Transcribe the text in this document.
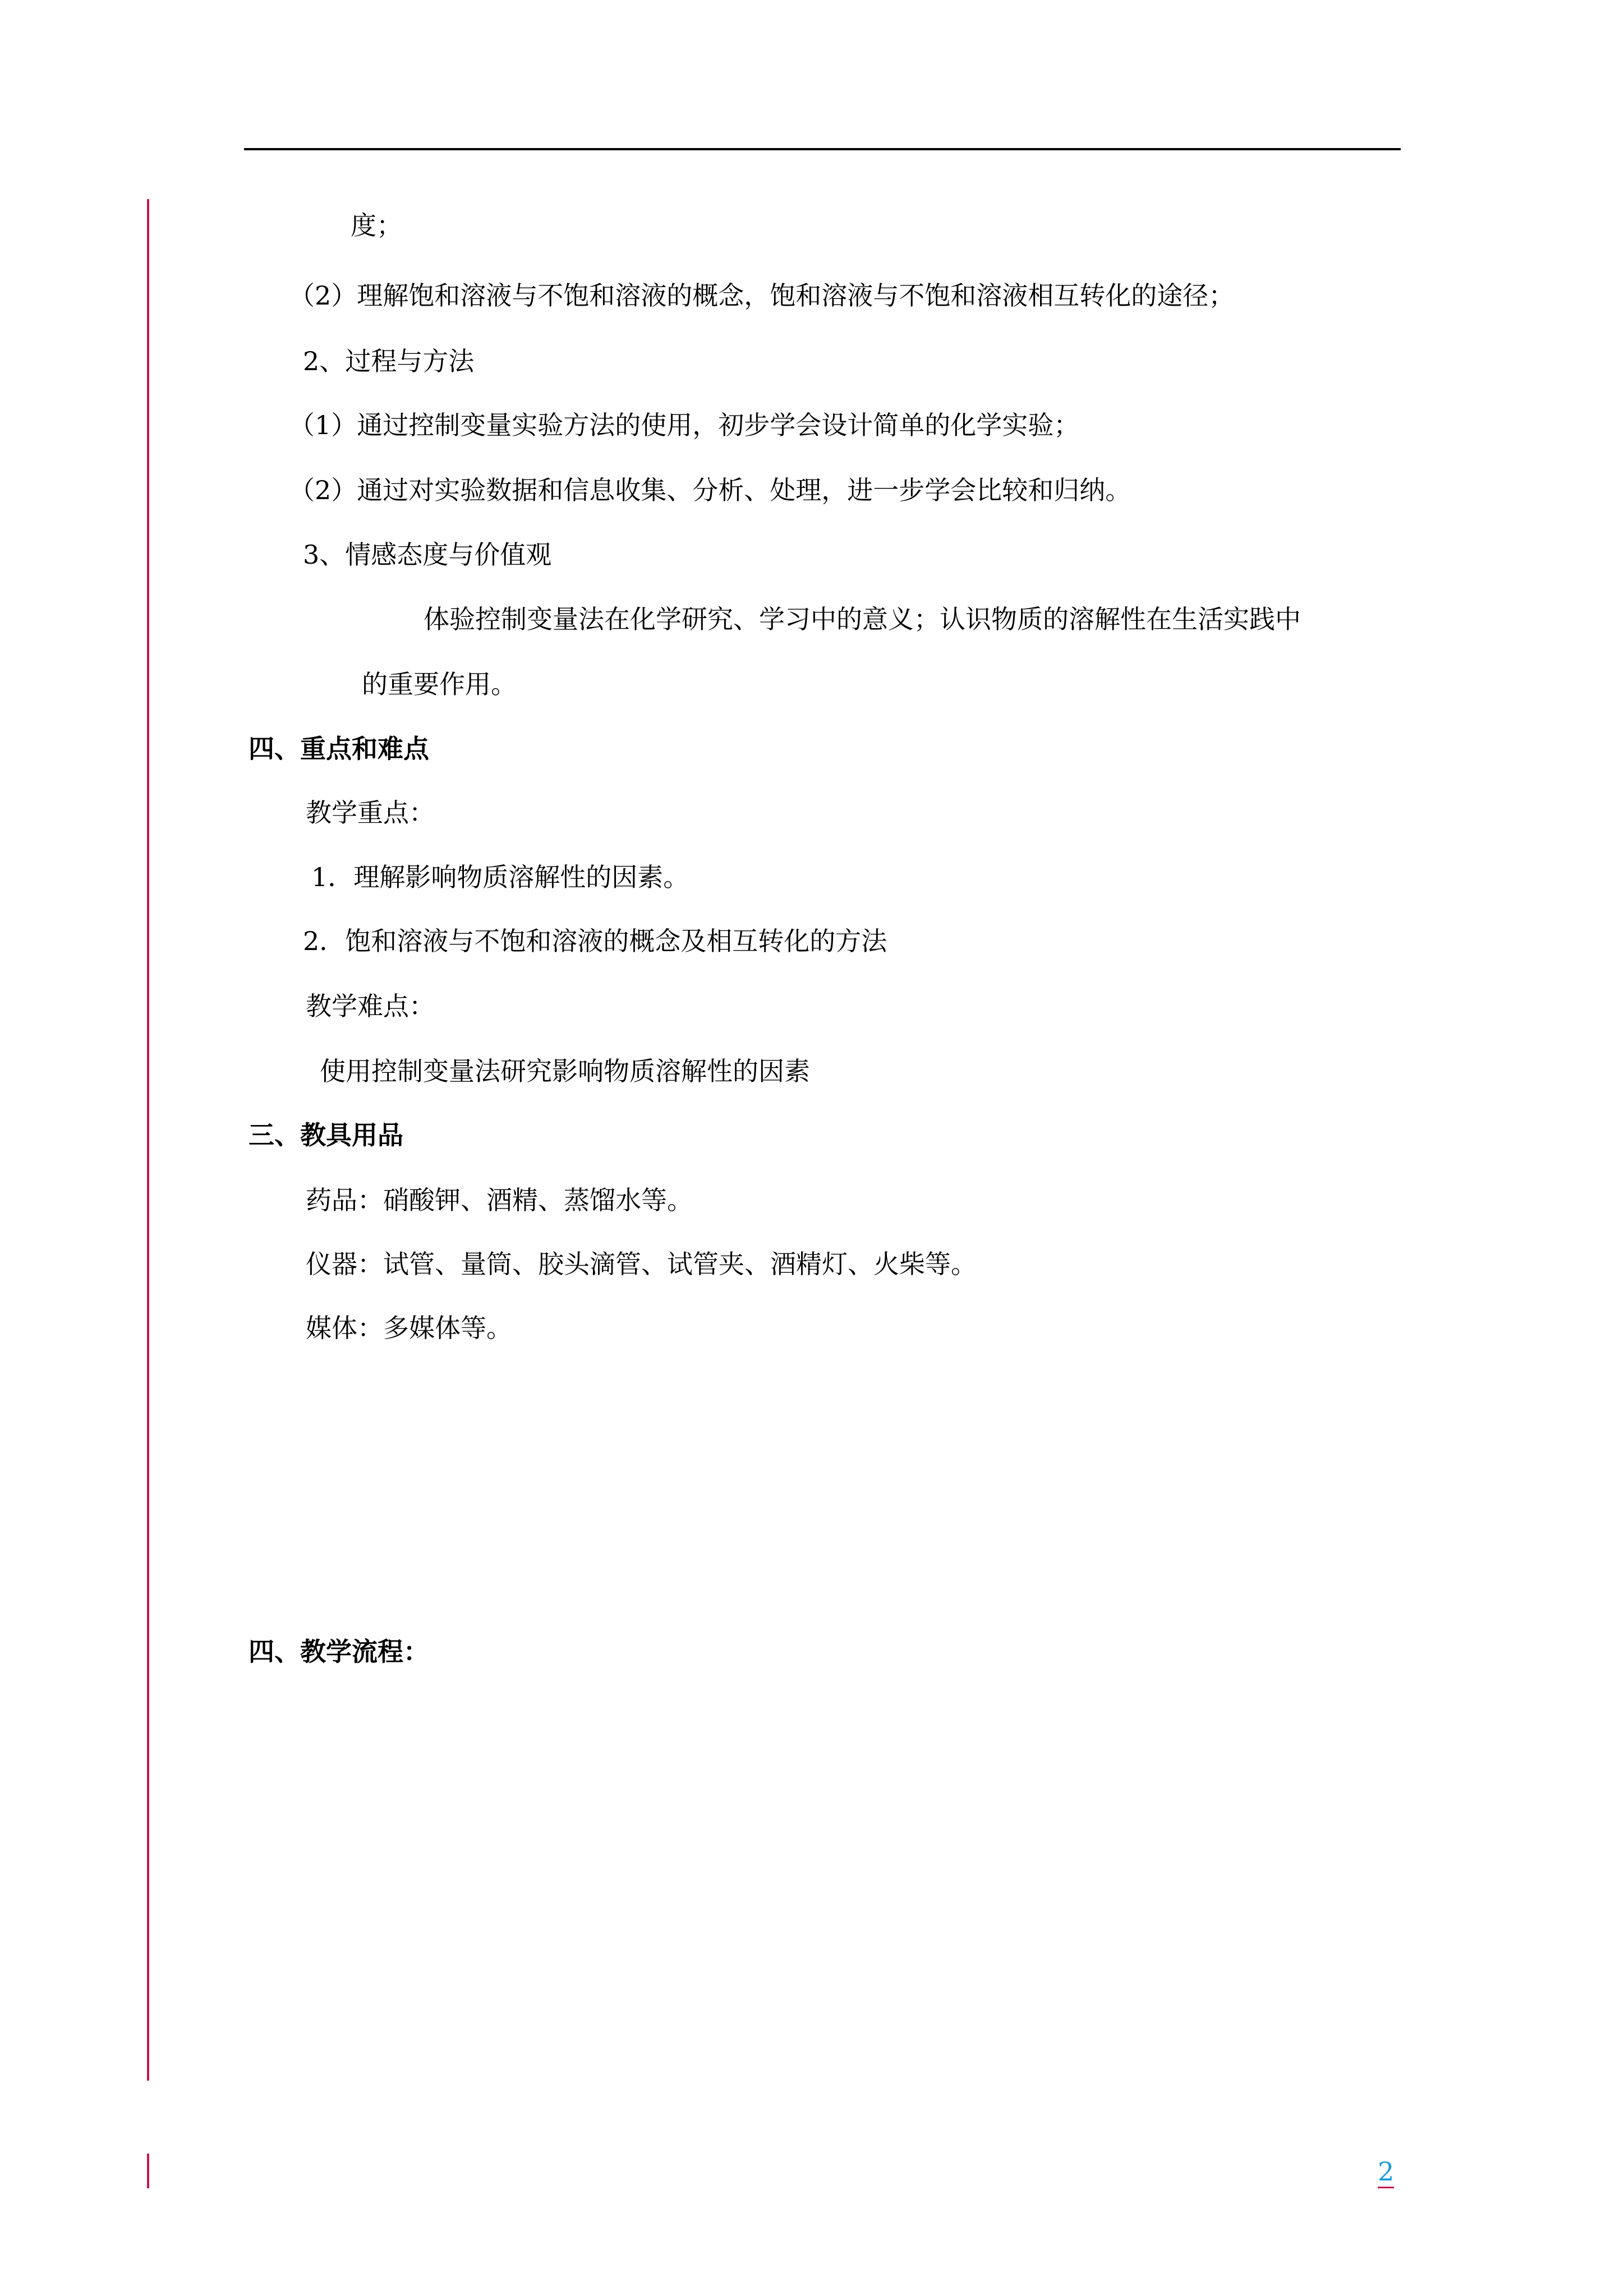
度；
（2）理解饱和溶液与不饱和溶液的概念，饱和溶液与不饱和溶液相互转化的途径；
2、过程与方法
（1）通过控制变量实验方法的使用，初步学会设计简单的化学实验；
（2）通过对实验数据和信息收集、分析、处理，进一步学会比较和归纳。
3、情感态度与价值观
体验控制变量法在化学研究、学习中的意义；认识物质的溶解性在生活实践中
的重要作用。
四、重点和难点
教学重点：
1．理解影响物质溶解性的因素。
2．饱和溶液与不饱和溶液的概念及相互转化的方法
教学难点：
使用控制变量法研究影响物质溶解性的因素
三、教具用品
药品：硝酸钾、酒精、蒸馏水等。
仪器：试管、量筒、胶头滴管、试管夹、酒精灯、火柴等。
媒体：多媒体等。
四、教学流程：
2
